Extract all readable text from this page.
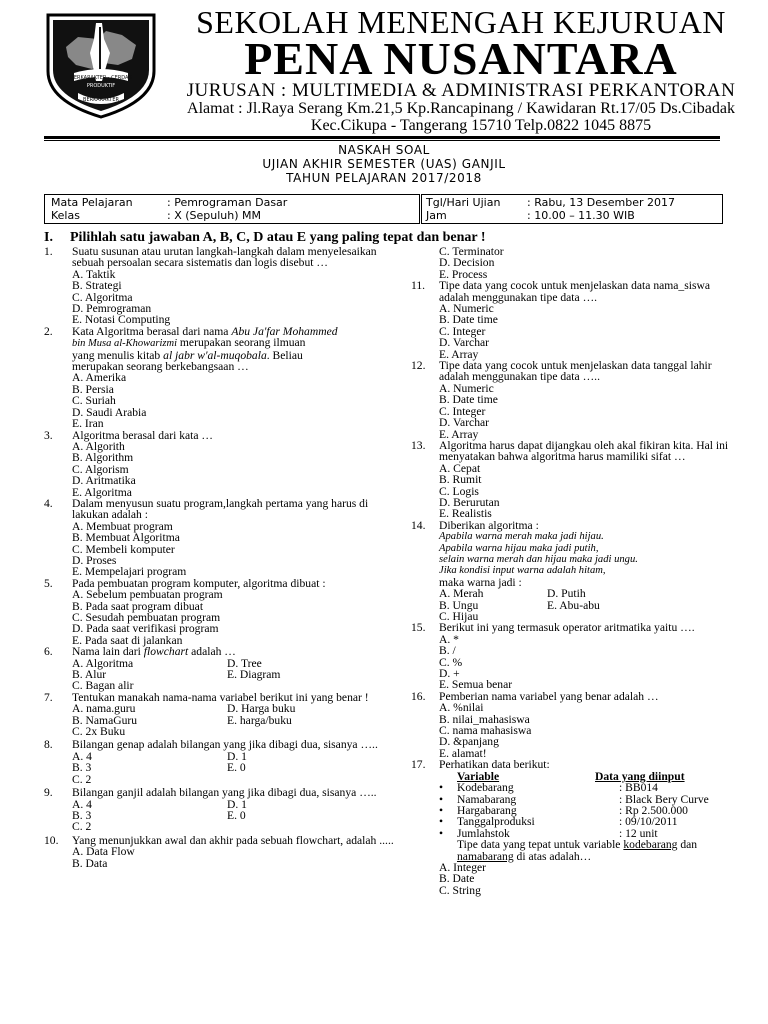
BERKARAKTER · CERDAS
PRODUKTIF
BERKARAKTER
SEKOLAH MENENGAH KEJURUAN
PENA NUSANTARA
JURUSAN : MULTIMEDIA & ADMINISTRASI PERKANTORAN
Alamat : Jl.Raya Serang Km.21,5 Kp.Rancapinang / Kawidaran Rt.17/05 Ds.Cibadak
Kec.Cikupa - Tangerang 15710 Telp.0822 1045 8875
NASKAH SOAL
UJIAN AKHIR SEMESTER (UAS) GANJIL
TAHUN PELAJARAN 2017/2018
Mata Pelajaran	: Pemrograman Dasar
Kelas	: X (Sepuluh) MM
Tgl/Hari Ujian : Rabu, 13 Desember 2017
Jam	: 10.00 – 11.30 WIB
I. Pilihlah satu jawaban A, B, C, D atau E yang paling tepat dan benar !
1. Suatu susunan atau urutan langkah-langkah dalam menyelesaikan sebuah persoalan secara sistematis dan logis disebut …
A. Taktik
B. Strategi
C. Algoritma
D. Pemrograman
E. Notasi Computing
2. Kata Algoritma berasal dari nama Abu Ja'far Mohammed
bin Musa al-Khowarizmi merupakan seorang ilmuan
yang menulis kitab al jabr w'al-muqobala. Beliau
merupakan seorang berkebangsaan …
A. Amerika
B. Persia
C. Suriah
D. Saudi Arabia
E. Iran
3. Algoritma berasal dari kata …
A. Algorith
B. Algorithm
C. Algorism
D. Aritmatika
E. Algoritma
4. Dalam menyusun suatu program,langkah pertama yang harus di lakukan adalah :
A. Membuat program
B. Membuat Algoritma
C. Membeli komputer
D. Proses
E. Mempelajari program
5. Pada pembuatan program komputer, algoritma dibuat :
A. Sebelum pembuatan program
B. Pada saat program dibuat
C. Sesudah pembuatan program
D. Pada saat verifikasi program
E. Pada saat di jalankan
6. Nama lain dari flowchart adalah …
A. Algoritma	D. Tree
B. Alur	E. Diagram
C. Bagan alir
7. Tentukan manakah nama-nama variabel berikut ini yang benar !
A. nama.guru	D. Harga buku
B. NamaGuru	E. harga/buku
C. 2x Buku
8. Bilangan genap adalah bilangan yang jika dibagi dua, sisanya …..
A. 4	D. 1
B. 3	E. 0
C. 2
9. Bilangan ganjil adalah bilangan yang jika dibagi dua, sisanya …..
A. 4	D. 1
B. 3	E. 0
C. 2
10. Yang menunjukkan awal dan akhir pada sebuah flowchart, adalah .....
A. Data Flow
B. Data
C. Terminator
D. Decision
E. Process
11. Tipe data yang cocok untuk menjelaskan data nama_siswa adalah menggunakan tipe data ….
A. Numeric
B. Date time
C. Integer
D. Varchar
E. Array
12. Tipe data yang cocok untuk menjelaskan data tanggal lahir adalah menggunakan tipe data …..
A. Numeric
B. Date time
C. Integer
D. Varchar
E. Array
13. Algoritma harus dapat dijangkau oleh akal fikiran kita. Hal ini menyatakan bahwa algoritma harus mamiliki sifat …
A. Cepat
B. Rumit
C. Logis
D. Berurutan
E. Realistis
14. Diberikan algoritma :
Apabila warna merah maka jadi hijau.
Apabila warna hijau maka jadi putih,
selain warna merah dan hijau maka jadi ungu.
Jika kondisi input warna adalah hitam,
maka warna jadi :
A. Merah	D. Putih
B. Ungu	E. Abu-abu
C. Hijau
15. Berikut ini yang termasuk operator aritmatika yaitu ….
A. *
B. /
C. %
D. +
E. Semua benar
16. Pemberian nama variabel yang benar adalah …
A. %nilai
B. nilai_mahasiswa
C. nama mahasiswa
D. &panjang
E. alamat!
17. Perhatikan data berikut:
Variable	Data yang diinput
• Kodebarang	: BB014
• Namabarang	: Black Bery Curve
• Hargabarang	: Rp 2.500.000
• Tanggalproduksi	: 09/10/2011
• Jumlahstok	: 12 unit
Tipe data yang tepat untuk variable kodebarang dan
namabarang di atas adalah…
A. Integer
B. Date
C. String
